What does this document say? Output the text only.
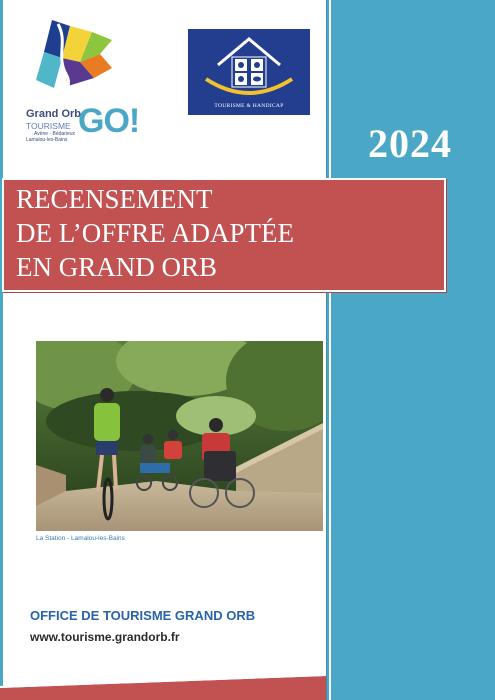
2024
Grand Orb
TOURISME
Avène · Bédarieux
Lamalou-les-Bains GO!	TOURISME & HANDICAP
RECENSEMENT
DE L’OFFRE ADAPTÉE
EN GRAND ORB
La Station - Lamalou-les-Bains
OFFICE DE TOURISME GRAND ORB
www.tourisme.grandorb.fr
